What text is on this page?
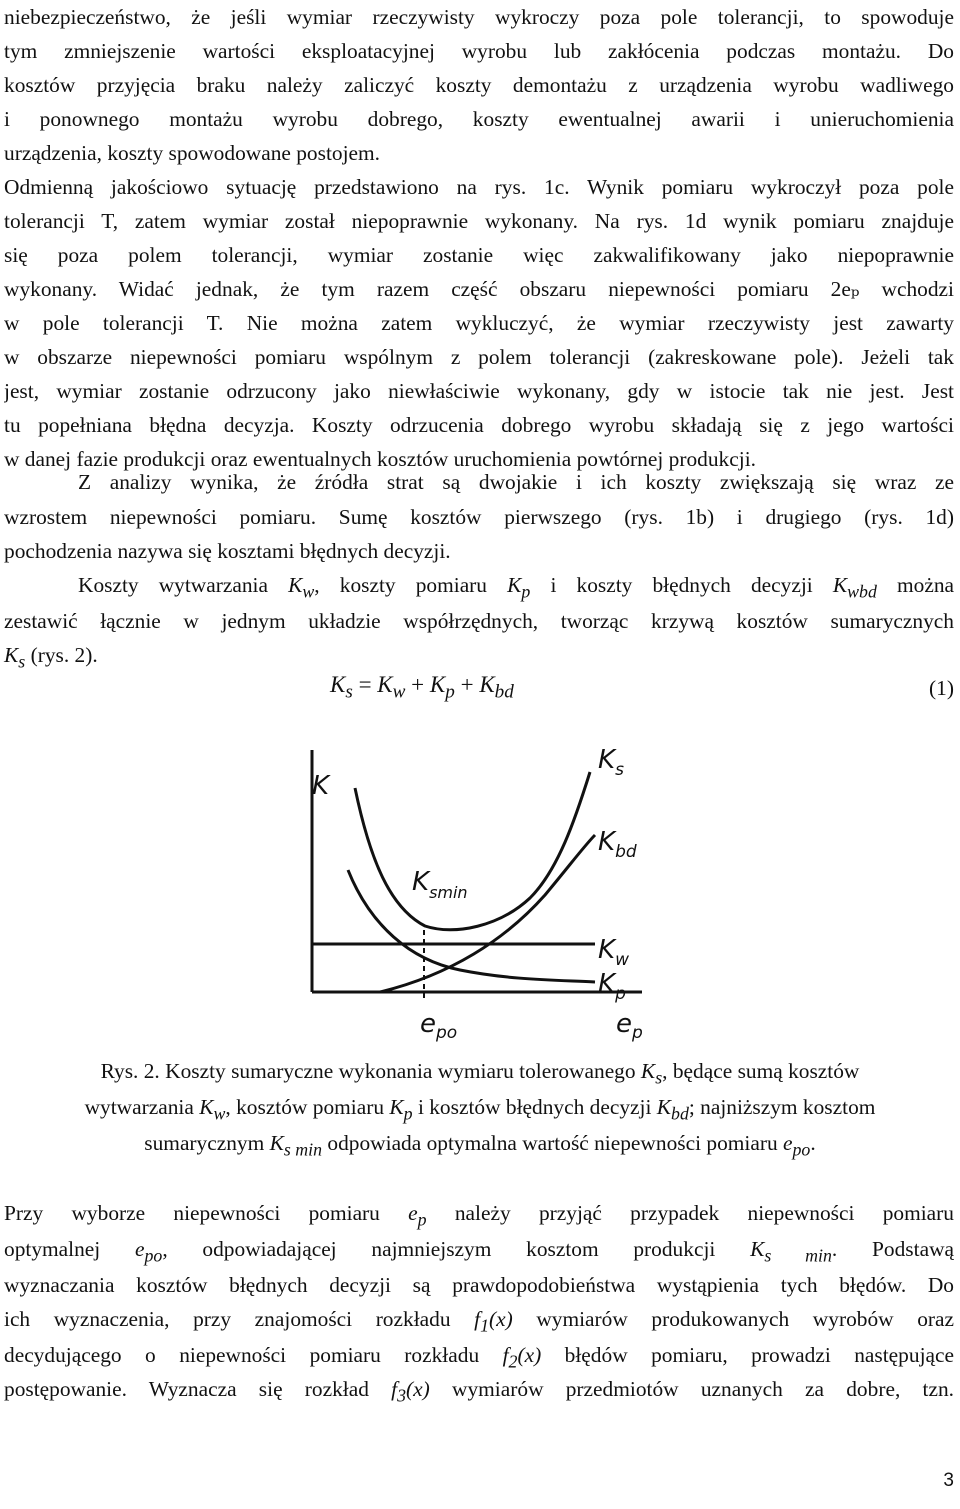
niebezpieczeństwo, że jeśli wymiar rzeczywisty wykroczy poza pole tolerancji, to spowoduje
tym zmniejszenie wartości eksploatacyjnej wyrobu lub zakłócenia podczas montażu. Do
kosztów przyjęcia braku należy zaliczyć koszty demontażu z urządzenia wyrobu wadliwego
i ponownego montażu wyrobu dobrego, koszty ewentualnej awarii i unieruchomienia
urządzenia, koszty spowodowane postojem.
Odmienną jakościowo sytuację przedstawiono na rys. 1c. Wynik pomiaru wykroczył poza pole
tolerancji T, zatem wymiar został niepoprawnie wykonany. Na rys. 1d wynik pomiaru znajduje
się poza polem tolerancji, wymiar zostanie więc zakwalifikowany jako niepoprawnie
wykonany. Widać jednak, że tym razem część obszaru niepewności pomiaru 2eₚ wchodzi
w pole tolerancji T. Nie można zatem wykluczyć, że wymiar rzeczywisty jest zawarty
w obszarze niepewności pomiaru wspólnym z polem tolerancji (zakreskowane pole). Jeżeli tak
jest, wymiar zostanie odrzucony jako niewłaściwie wykonany, gdy w istocie tak nie jest. Jest
tu popełniana błędna decyzja. Koszty odrzucenia dobrego wyrobu składają się z jego wartości
w danej fazie produkcji oraz ewentualnych kosztów uruchomienia powtórnej produkcji.
Z analizy wynika, że źródła strat są dwojakie i ich koszty zwiększają się wraz ze
wzrostem niepewności pomiaru. Sumę kosztów pierwszego (rys. 1b) i drugiego (rys. 1d)
pochodzenia nazywa się kosztami błędnych decyzji.
Koszty wytwarzania $K_w$, koszty pomiaru $K_p$ i koszty błędnych decyzji $K_{wbd}$ można
zestawić łącznie w jednym układzie współrzędnych, tworząc krzywą kosztów sumarycznych
$K_s$ (rys. 2).
$K_s = K_w + K_p + K_{bd}$	(1)
K
$K_s$
$K_{bd}$
$K_{smin}$
$K_w$
$K_p$
$e_{po}$	$e_p$
Rys. 2. Koszty sumaryczne wykonania wymiaru tolerowanego $K_s$, będące sumą kosztów
wytwarzania $K_w$, kosztów pomiaru $K_p$ i kosztów błędnych decyzji $K_{bd}$; najniższym kosztom
sumarycznym $K_{s min}$ odpowiada optymalna wartość niepewności pomiaru $e_{po}$.
Przy wyborze niepewności pomiaru $e_p$ należy przyjąć przypadek niepewności pomiaru
optymalnej $e_{po}$, odpowiadającej najmniejszym kosztom produkcji $K_{s min}$. Podstawą
wyznaczania kosztów błędnych decyzji są prawdopodobieństwa wystąpienia tych błędów. Do
ich wyznaczenia, przy znajomości rozkładu $f_1(x)$ wymiarów produkowanych wyrobów oraz
decydującego o niepewności pomiaru rozkładu $f_2(x)$ błędów pomiaru, prowadzi następujące
postępowanie. Wyznacza się rozkład $f_3(x)$ wymiarów przedmiotów uznanych za dobre, tzn.
3
